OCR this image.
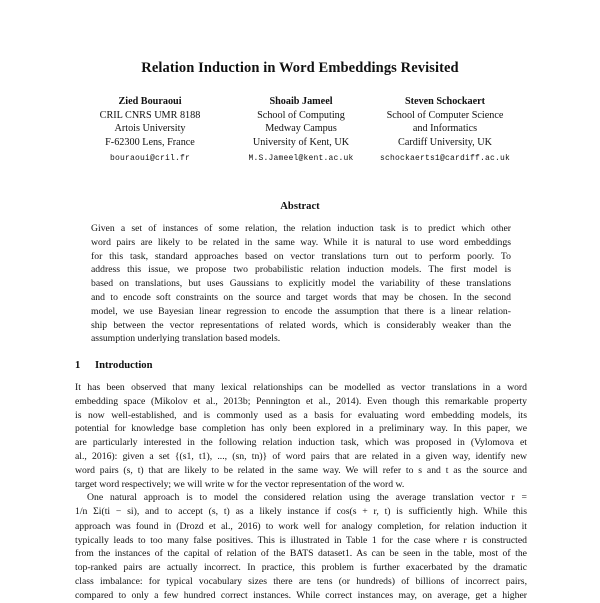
Relation Induction in Word Embeddings Revisited
Zied Bouraoui
CRIL CNRS UMR 8188
Artois University
F-62300 Lens, France
bouraoui@cril.fr
Shoaib Jameel
School of Computing
Medway Campus
University of Kent, UK
M.S.Jameel@kent.ac.uk
Steven Schockaert
School of Computer Science
and Informatics
Cardiff University, UK
schockaerts1@cardiff.ac.uk
Abstract
Given a set of instances of some relation, the relation induction task is to predict which other
word pairs are likely to be related in the same way. While it is natural to use word embeddings
for this task, standard approaches based on vector translations turn out to perform poorly. To
address this issue, we propose two probabilistic relation induction models. The first model is
based on translations, but uses Gaussians to explicitly model the variability of these translations
and to encode soft constraints on the source and target words that may be chosen. In the second
model, we use Bayesian linear regression to encode the assumption that there is a linear relation-
ship between the vector representations of related words, which is considerably weaker than the
assumption underlying translation based models.
1 Introduction
It has been observed that many lexical relationships can be modelled as vector translations in a word
embedding space (Mikolov et al., 2013b; Pennington et al., 2014). Even though this remarkable property
is now well-established, and is commonly used as a basis for evaluating word embedding models, its
potential for knowledge base completion has only been explored in a preliminary way. In this paper, we
are particularly interested in the following relation induction task, which was proposed in (Vylomova et
al., 2016): given a set {(s1, t1), ..., (sn, tn)} of word pairs that are related in a given way, identify new
word pairs (s, t) that are likely to be related in the same way. We will refer to s and t as the source and
target word respectively; we will write w for the vector representation of the word w.
One natural approach is to model the considered relation using the average translation vector r =
1/n Σi(ti − si), and to accept (s, t) as a likely instance if cos(s + r, t) is sufficiently high. While this
approach was found in (Drozd et al., 2016) to work well for analogy completion, for relation induction it
typically leads to too many false positives. This is illustrated in Table 1 for the case where r is constructed
from the instances of the capital of relation of the BATS dataset1. As can be seen in the table, most of the
top-ranked pairs are actually incorrect. In practice, this problem is further exacerbated by the dramatic
class imbalance: for typical vocabulary sizes there are tens (or hundreds) of billions of incorrect pairs,
compared to only a few hundred correct instances. While correct instances may, on average, get a higher
